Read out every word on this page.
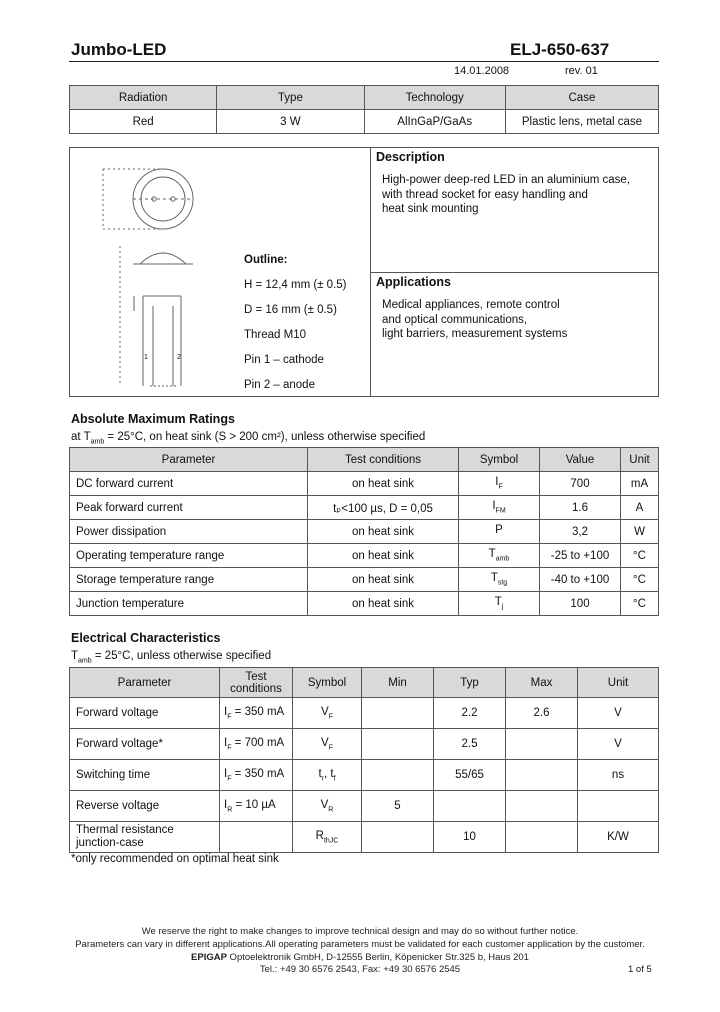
Jumbo-LED	ELJ-650-637
14.01.2008	rev. 01
Radiation	Type	Technology	Case
Red	3 W	AlInGaP/GaAs	Plastic lens, metal case
1	2
Outline:
H = 12,4 mm (± 0.5)
D = 16 mm (± 0.5)
Thread M10
Pin 1 – cathode
Pin 2 – anode
Description
High-power deep-red LED in an aluminium case,
with thread socket for easy handling and
heat sink mounting
Applications
Medical appliances, remote control
and optical communications,
light barriers, measurement systems
Absolute Maximum Ratings
at $T_{amb} = 25^\circ C$, on heat sink (S > 200 cm²), unless otherwise specified
Parameter	Test conditions	Symbol	Value	Unit
DC forward current	on heat sink	$I_F$	700	mA
Peak forward current	tₚ<100 µs, D = 0,05	$I_{FM}$	1.6	A
Power dissipation	on heat sink	P	3,2	W
Operating temperature range	on heat sink	$T_{amb}$	-25 to +100	°C
Storage temperature range	on heat sink	$T_{stg}$	-40 to +100	°C
Junction temperature	on heat sink	$T_j$	100	°C
Electrical Characteristics
$T_{amb} = 25^\circ C$, unless otherwise specified
Parameter	Test conditions	Symbol	Min	Typ	Max	Unit
Forward voltage	$I_F = 350$ mA	$V_F$		2.2	2.6	V
Forward voltage*	$I_F = 700$ mA	$V_F$		2.5		V
Switching time	$I_F = 350$ mA	$t_r$, $t_f$		55/65		ns
Reverse voltage	$I_R = 10$ µA	$V_R$	5			
Thermal resistance junction-case		$R_{thJC}$		10		K/W
*only recommended on optimal heat sink
We reserve the right to make changes to improve technical design and may do so without further notice.
Parameters can vary in different applications.All operating parameters must be validated for each customer application by the customer.
EPIGAP Optoelektronik GmbH, D-12555 Berlin, Köpenicker Str.325 b, Haus 201
Tel.: +49 30 6576 2543, Fax: +49 30 6576 2545	1 of 5
